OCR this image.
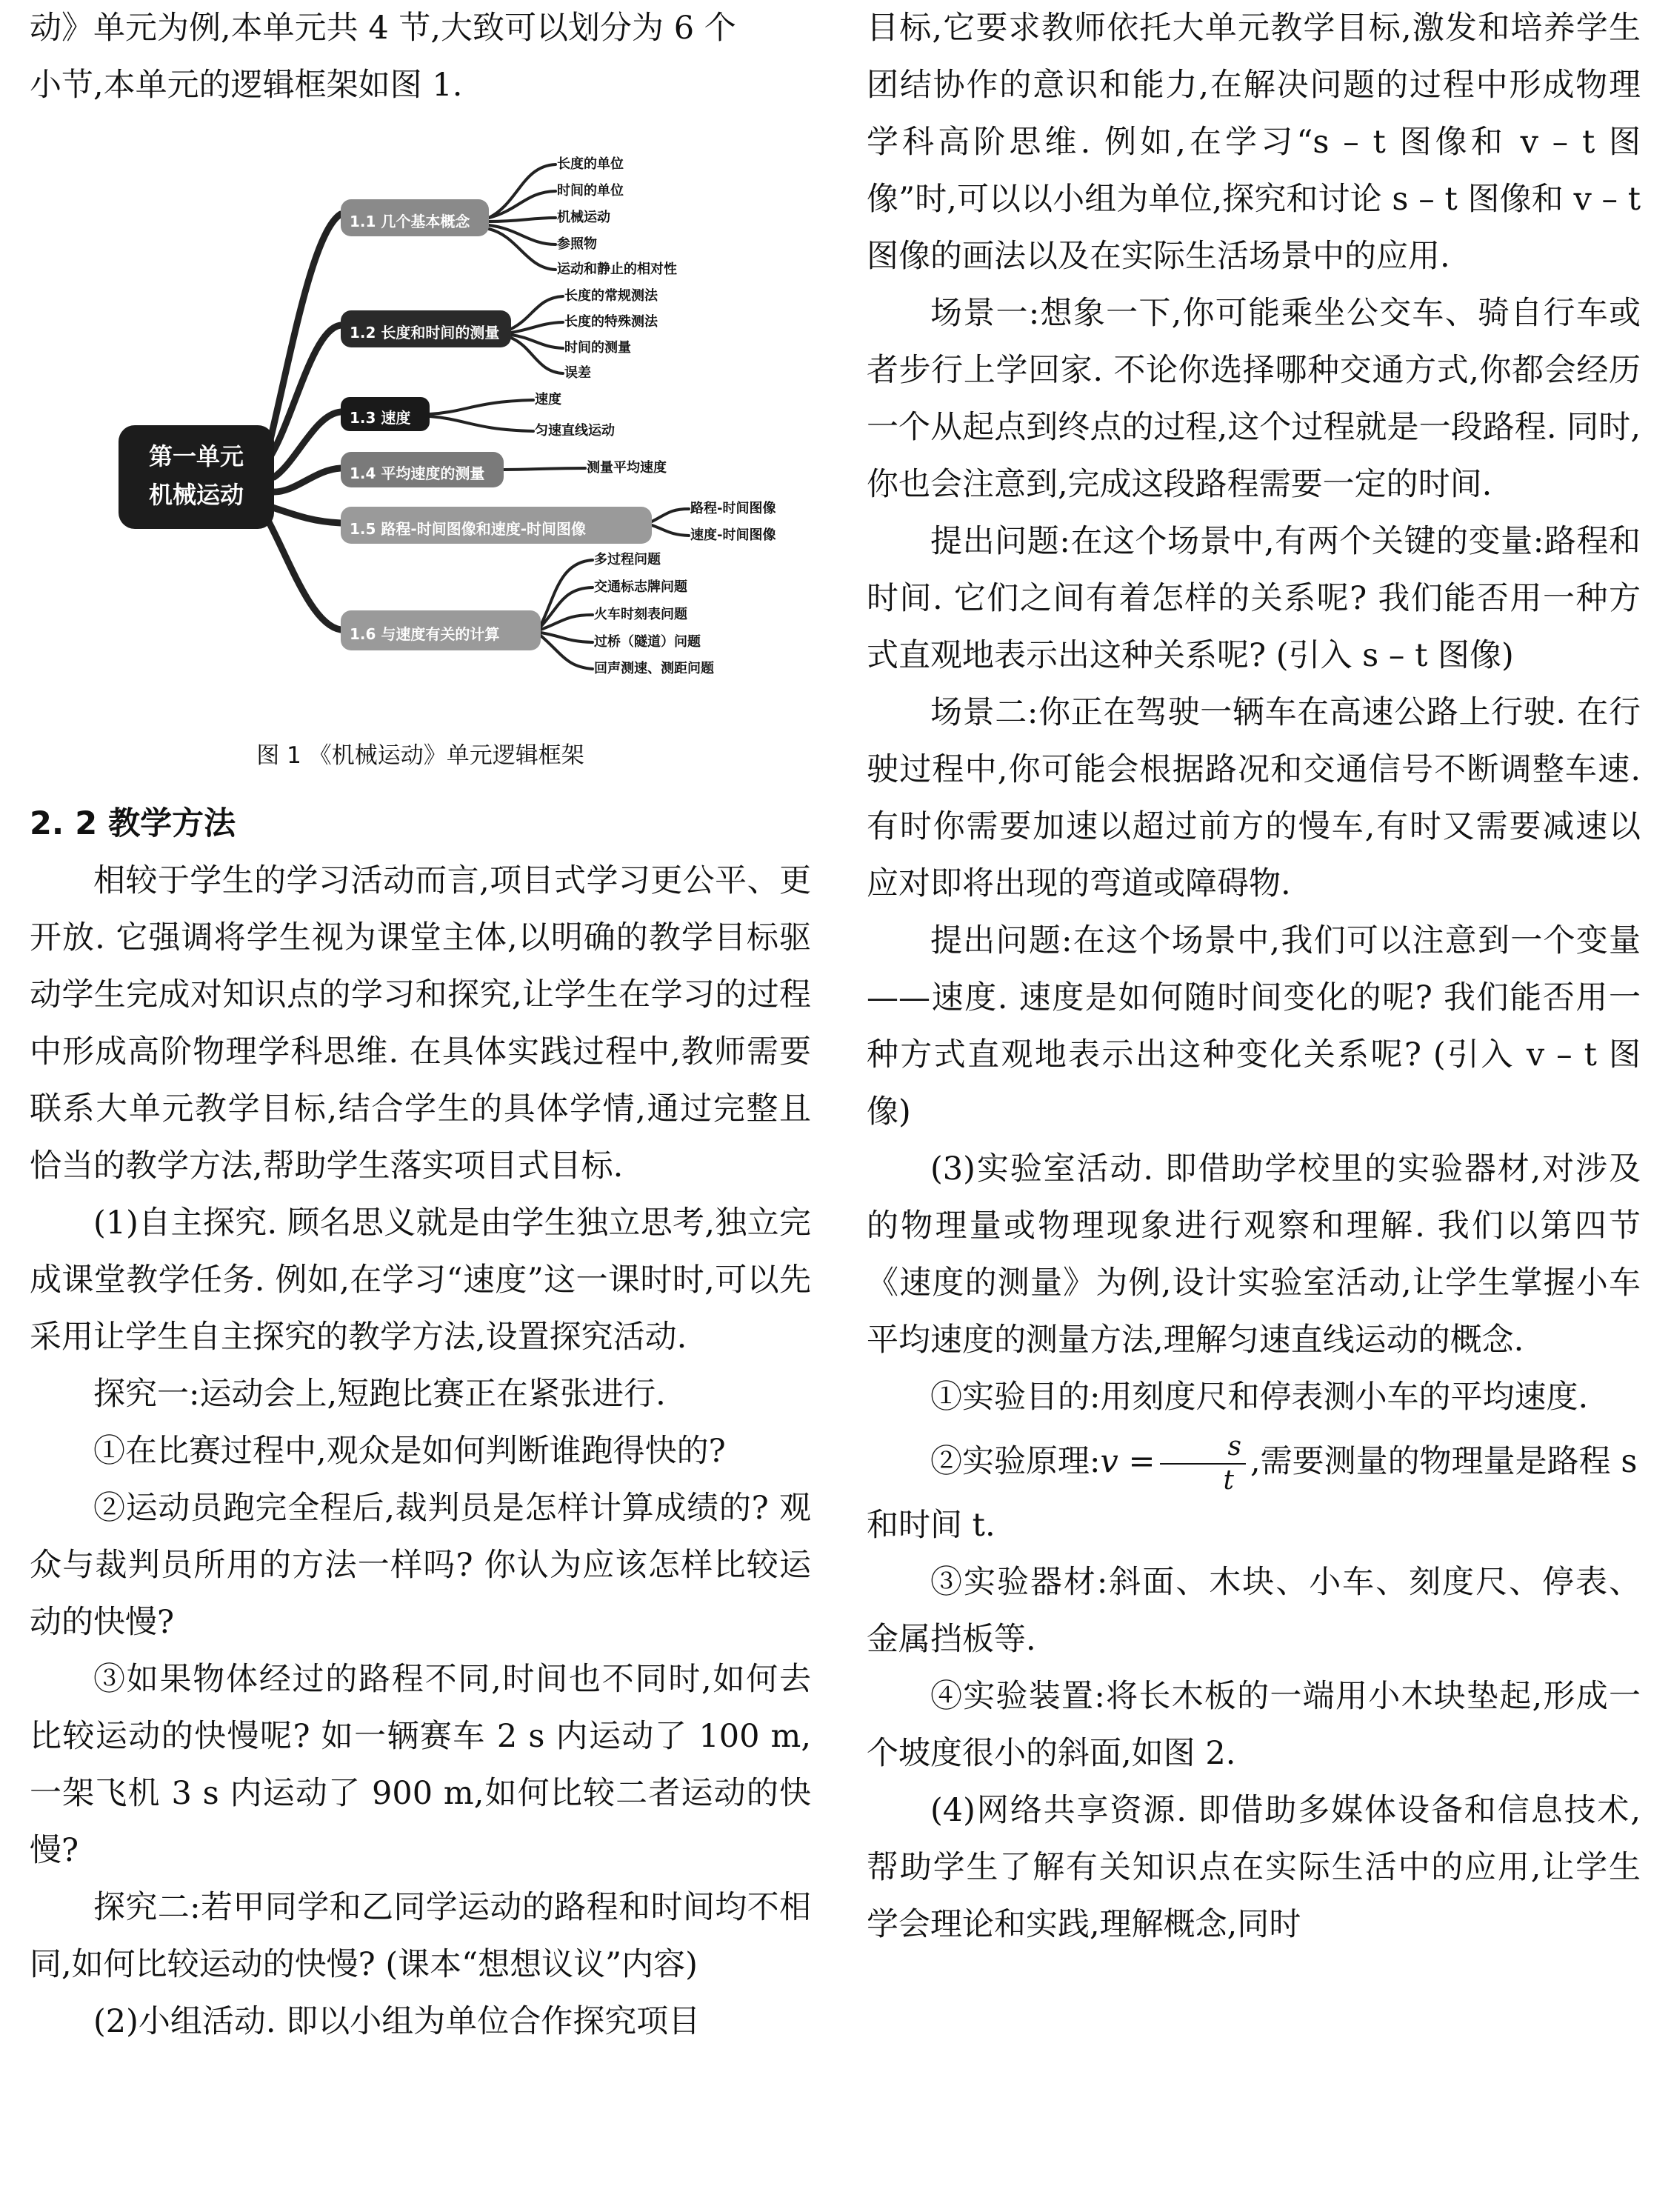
动》单元为例,本单元共 4 节,大致可以划分为 6 个

小节,本单元的逻辑框架如图 1.

第一单元
机械运动
1.1 几个基本概念
1.2 长度和时间的测量
1.3 速度
1.4 平均速度的测量
1.5 路程-时间图像和速度-时间图像
1.6 与速度有关的计算
长度的单位
时间的单位
机械运动
参照物
运动和静止的相对性
长度的常规测法
长度的特殊测法
时间的测量
误差
速度
匀速直线运动
测量平均速度
路程-时间图像
速度-时间图像
多过程问题
交通标志牌问题
火车时刻表问题
过桥（隧道）问题
回声测速、测距问题
图 1 《机械运动》单元逻辑框架

2. 2 教学方法

相较于学生的学习活动而言,项目式学习更公平、更开放. 它强调将学生视为课堂主体,以明确的教学目标驱动学生完成对知识点的学习和探究,让学生在学习的过程中形成高阶物理学科思维. 在具体实践过程中,教师需要联系大单元教学目标,结合学生的具体学情,通过完整且恰当的教学方法,帮助学生落实项目式目标.

(1)自主探究. 顾名思义就是由学生独立思考,独立完成课堂教学任务. 例如,在学习“速度”这一课时时,可以先采用让学生自主探究的教学方法,设置探究活动.

探究一:运动会上,短跑比赛正在紧张进行.

①在比赛过程中,观众是如何判断谁跑得快的?

②运动员跑完全程后,裁判员是怎样计算成绩的? 观众与裁判员所用的方法一样吗? 你认为应该怎样比较运动的快慢?

③如果物体经过的路程不同,时间也不同时,如何去比较运动的快慢呢? 如一辆赛车 2 s 内运动了 100 m,一架飞机 3 s 内运动了 900 m,如何比较二者运动的快慢?

探究二:若甲同学和乙同学运动的路程和时间均不相同,如何比较运动的快慢? (课本“想想议议”内容)

(2)小组活动. 即以小组为单位合作探究项目

目标,它要求教师依托大单元教学目标,激发和培养学生团结协作的意识和能力,在解决问题的过程中形成物理学科高阶思维. 例如,在学习“s – t 图像和 v – t 图像”时,可以以小组为单位,探究和讨论 s – t 图像和 v – t 图像的画法以及在实际生活场景中的应用.

场景一:想象一下,你可能乘坐公交车、骑自行车或者步行上学回家. 不论你选择哪种交通方式,你都会经历一个从起点到终点的过程,这个过程就是一段路程. 同时,你也会注意到,完成这段路程需要一定的时间.

提出问题:在这个场景中,有两个关键的变量:路程和时间. 它们之间有着怎样的关系呢? 我们能否用一种方式直观地表示出这种关系呢? (引入 s – t 图像)

场景二:你正在驾驶一辆车在高速公路上行驶. 在行驶过程中,你可能会根据路况和交通信号不断调整车速. 有时你需要加速以超过前方的慢车,有时又需要减速以应对即将出现的弯道或障碍物.

提出问题:在这个场景中,我们可以注意到一个变量——速度. 速度是如何随时间变化的呢? 我们能否用一种方式直观地表示出这种变化关系呢? (引入 v – t 图像)

(3)实验室活动. 即借助学校里的实验器材,对涉及的物理量或物理现象进行观察和理解. 我们以第四节《速度的测量》为例,设计实验室活动,让学生掌握小车平均速度的测量方法,理解匀速直线运动的概念.

①实验目的:用刻度尺和停表测小车的平均速度.

②实验原理:v = $\frac{s}{t}$ ,需要测量的物理量是路程 s

和时间 t.

③实验器材:斜面、木块、小车、刻度尺、停表、金属挡板等.

④实验装置:将长木板的一端用小木块垫起,形成一个坡度很小的斜面,如图 2.

(4)网络共享资源. 即借助多媒体设备和信息技术,帮助学生了解有关知识点在实际生活中的应用,让学生学会理论和实践,理解概念,同时
